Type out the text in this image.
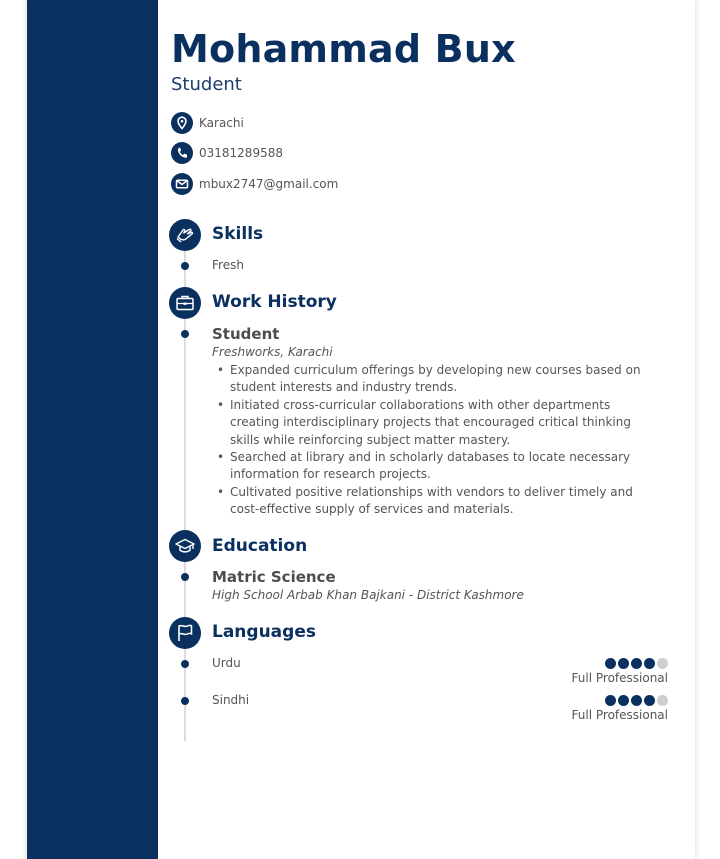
Mohammad Bux
Student
Karachi
03181289588
mbux2747@gmail.com
Skills
Fresh
Work History
Student
Freshworks, Karachi
• Expanded curriculum offerings by developing new courses based on student interests and industry trends.
• Initiated cross-curricular collaborations with other departments creating interdisciplinary projects that encouraged critical thinking skills while reinforcing subject matter mastery.
• Searched at library and in scholarly databases to locate necessary information for research projects.
• Cultivated positive relationships with vendors to deliver timely and cost-effective supply of services and materials.
Education
Matric Science
High School Arbab Khan Bajkani - District Kashmore
Languages
Urdu
Full Professional
Sindhi
Full Professional
